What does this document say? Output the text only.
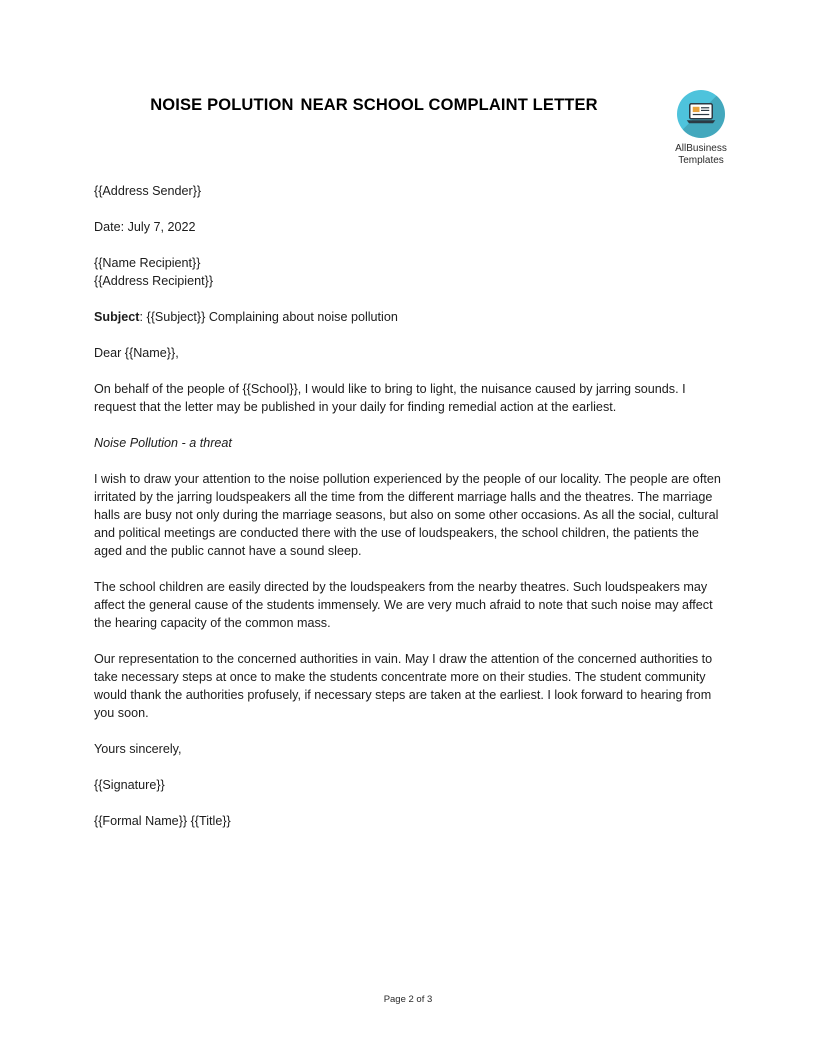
NOISE POLUTION NEAR SCHOOL COMPLAINT LETTER
AllBusiness
Templates

{{Address Sender}}

Date: July 7, 2022

{{Name Recipient}}
{{Address Recipient}}

Subject: {{Subject}} Complaining about noise pollution

Dear {{Name}},

On behalf of the people of {{School}}, I would like to bring to light, the nuisance caused by jarring sounds. I request that the letter may be published in your daily for finding remedial action at the earliest.

Noise Pollution - a threat

I wish to draw your attention to the noise pollution experienced by the people of our locality. The people are often irritated by the jarring loudspeakers all the time from the different marriage halls and the theatres. The marriage halls are busy not only during the marriage seasons, but also on some other occasions. As all the social, cultural and political meetings are conducted there with the use of loudspeakers, the school children, the patients the aged and the public cannot have a sound sleep.

The school children are easily directed by the loudspeakers from the nearby theatres. Such loudspeakers may affect the general cause of the students immensely. We are very much afraid to note that such noise may affect the hearing capacity of the common mass.

Our representation to the concerned authorities in vain. May I draw the attention of the concerned authorities to take necessary steps at once to make the students concentrate more on their studies. The student community would thank the authorities profusely, if necessary steps are taken at the earliest. I look forward to hearing from you soon.

Yours sincerely,

{{Signature}}

{{Formal Name}} {{Title}}

Page 2 of 3
